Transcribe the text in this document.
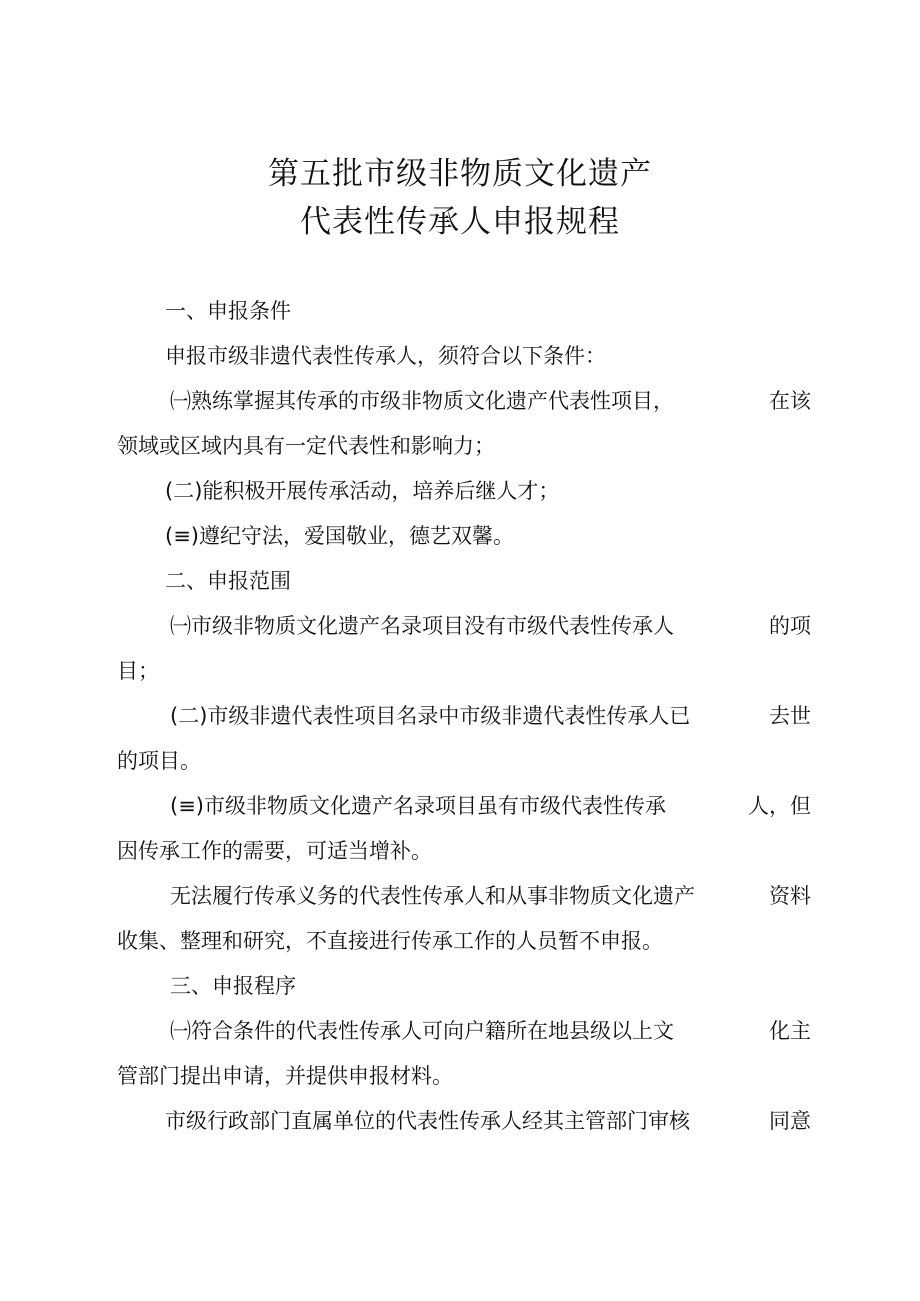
第五批市级非物质文化遗产
代表性传承人申报规程
一、申报条件
申报市级非遗代表性传承人，须符合以下条件：
㈠熟练掌握其传承的市级非物质文化遗产代表性项目，	在该
领域或区域内具有一定代表性和影响力；
(二)能积极开展传承活动，培养后继人才；
(≡)遵纪守法，爱国敬业，德艺双馨。
二、申报范围
㈠市级非物质文化遗产名录项目没有市级代表性传承人	的项
目；
(二)市级非遗代表性项目名录中市级非遗代表性传承人已	去世
的项目。
(≡)市级非物质文化遗产名录项目虽有市级代表性传承	人，但
因传承工作的需要，可适当增补。
无法履行传承义务的代表性传承人和从事非物质文化遗产	资料
收集、整理和研究，不直接进行传承工作的人员暂不申报。
三、申报程序
㈠符合条件的代表性传承人可向户籍所在地县级以上文	化主
管部门提出申请，并提供申报材料。
市级行政部门直属单位的代表性传承人经其主管部门审核	同意
